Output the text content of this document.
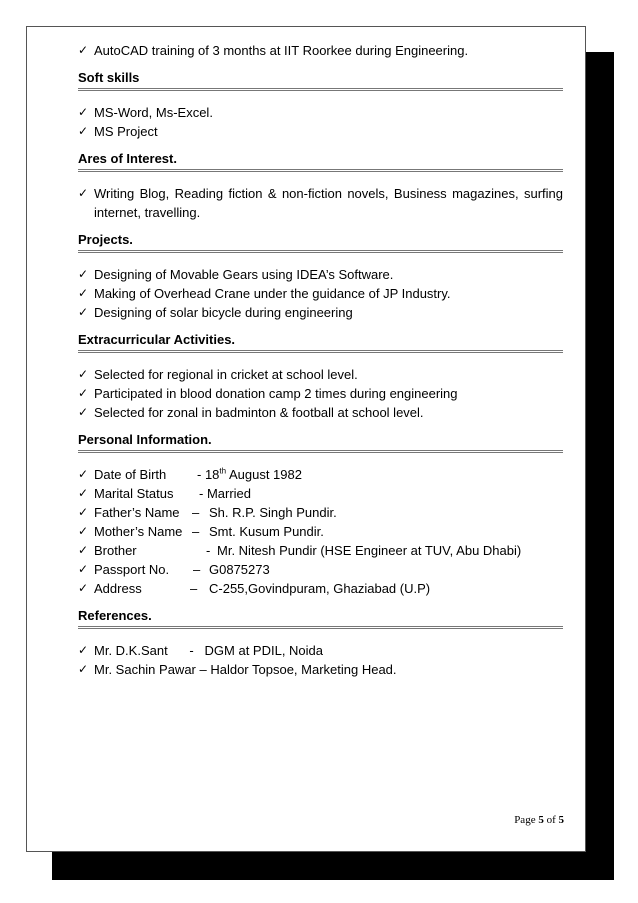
✓ AutoCAD training of 3 months at IIT Roorkee during Engineering.
Soft skills
✓ MS-Word, Ms-Excel.
✓ MS Project
Ares of Interest.
✓ Writing Blog, Reading fiction & non-fiction novels, Business magazines, surfing internet, travelling.
Projects.
✓ Designing of Movable Gears using IDEA’s Software.
✓ Making of Overhead Crane under the guidance of JP Industry.
✓ Designing of solar bicycle during engineering
Extracurricular Activities.
✓ Selected for regional in cricket at school level.
✓ Participated in blood donation camp 2 times during engineering
✓ Selected for zonal in badminton & football at school level.
Personal Information.
✓ Date of Birth - 18th August 1982
✓ Marital Status - Married
✓ Father’s Name – Sh. R.P. Singh Pundir.
✓ Mother’s Name – Smt. Kusum Pundir.
✓ Brother	- Mr. Nitesh Pundir (HSE Engineer at TUV, Abu Dhabi)
✓ Passport No. – G0875273
✓ Address	– C-255,Govindpuram, Ghaziabad (U.P)
References.
✓ Mr. D.K.Sant      -   DGM at PDIL, Noida
✓ Mr. Sachin Pawar – Haldor Topsoe, Marketing Head.
Page 5 of 5
